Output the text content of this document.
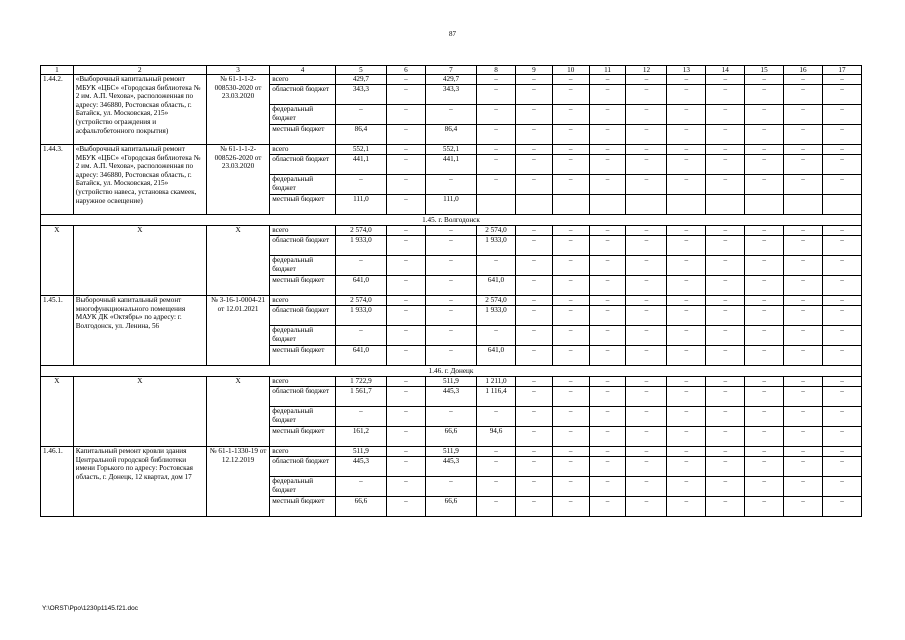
87
1	2	3	4	5	6	7	8	9	10	11	12	13	14	15	16	17
1.44.2.	«Выборочный капитальный ремонт МБУК «ЦБС» «Городская библиотека № 2 им. А.П. Чехова», расположенная по адресу: 346880, Ростовская область, г. Батайск, ул. Московская, 215» (устройство ограждения и асфальтобетонного покрытия)	№ 61-1-1-2-008530-2020 от 23.03.2020	всего	429,7	–	429,7	–	–	–	–	–	–	–	–	–	–
			областной бюджет	343,3	–	343,3	–	–	–	–	–	–	–	–	–	–
			федеральный бюджет	–	–	–	–	–	–	–	–	–	–	–	–	–
			местный бюджет	86,4	–	86,4	–	–	–	–	–	–	–	–	–	–
1.44.3.	«Выборочный капитальный ремонт МБУК «ЦБС» «Городская библиотека № 2 им. А.П. Чехова», расположенная по адресу: 346880, Ростовская область, г. Батайск, ул. Московская, 215» (устройство навеса, установка скамеек, наружное освещение)	№ 61-1-1-2-008526-2020 от 23.03.2020	всего	552,1	–	552,1	–	–	–	–	–	–	–	–	–	–
			областной бюджет	441,1	–	441,1	–	–	–	–	–	–	–	–	–	–
			федеральный бюджет	–	–	–	–	–	–	–	–	–	–	–	–	–
			местный бюджет	111,0	–	111,0										
1.45. г. Волгодонск																
Х	Х	Х	всего	2 574,0	–	–	2 574,0	–	–	–	–	–	–	–	–	–
			областной бюджет	1 933,0	–	–	1 933,0	–	–	–	–	–	–	–	–	–
			федеральный бюджет	–	–	–	–	–	–	–	–	–	–	–	–	–
			местный бюджет	641,0	–	–	641,0	–	–	–	–	–	–	–	–	–
1.45.1.	Выборочный капитальный ремонт многофункционального помещения МАУК ДК «Октябрь» по адресу: г. Волгодонск, ул. Ленина, 56	№ 3-16-1-0004-21 от 12.01.2021	всего	2 574,0	–	–	2 574,0	–	–	–	–	–	–	–	–	–
			областной бюджет	1 933,0	–	–	1 933,0	–	–	–	–	–	–	–	–	–
			федеральный бюджет	–	–	–	–	–	–	–	–	–	–	–	–	–
			местный бюджет	641,0	–	–	641,0	–	–	–	–	–	–	–	–	–
1.46. г. Донецк																
Х	Х	Х	всего	1 722,9	–	511,9	1 211,0	–	–	–	–	–	–	–	–	–
			областной бюджет	1 561,7	–	445,3	1 116,4	–	–	–	–	–	–	–	–	–
			федеральный бюджет	–	–	–	–	–	–	–	–	–	–	–	–	–
			местный бюджет	161,2	–	66,6	94,6	–	–	–	–	–	–	–	–	–
1.46.1.	Капитальный ремонт кровли здания Центральной городской библиотеки имени Горького по адресу: Ростовская область, г. Донецк, 12 квартал, дом 17	№ 61-1-1330-19 от 12.12.2019	всего	511,9	–	511,9	–	–	–	–	–	–	–	–	–	–
			областной бюджет	445,3	–	445,3	–	–	–	–	–	–	–	–	–	–
			федеральный бюджет	–	–	–	–	–	–	–	–	–	–	–	–	–
			местный бюджет	66,6	–	66,6	–	–	–	–	–	–	–	–	–	–
Y:\ORST\Ppo\1230p1145.f21.doc
